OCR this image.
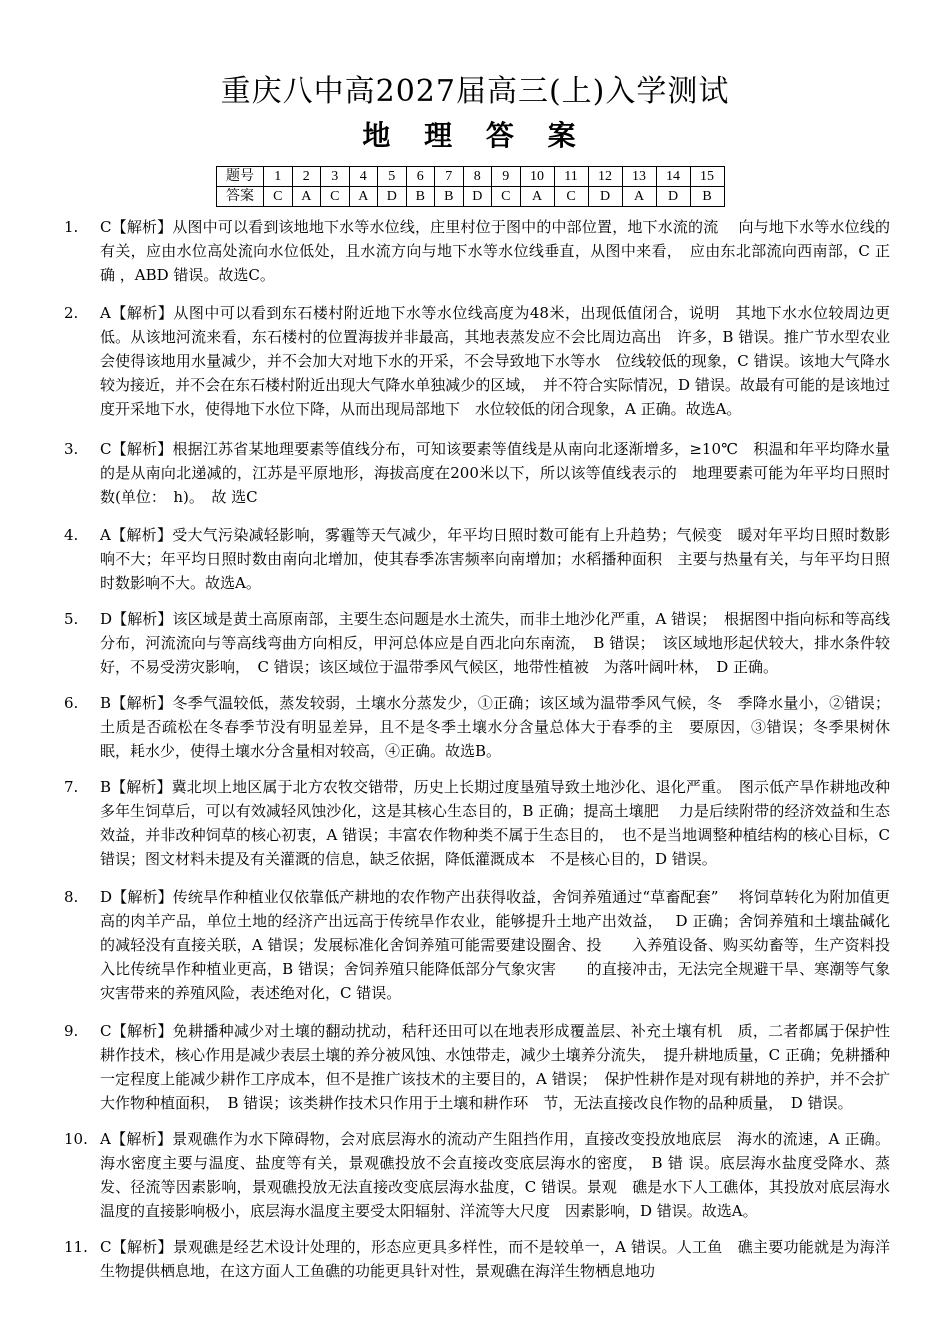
重庆八中高2027届高三(上)入学测试
地 理 答 案
题号	1	2	3	4	5	6	7	8	9	10	11	12	13	14	15
答案	C	A	C	A	D	B	B	D	C	A	C	D	A	D	B
1.	C【解析】从图中可以看到该地地下水等水位线，庄里村位于图中的中部位置，地下水流的流　 向与地下水等水位线的有关，应由水位高处流向水位低处，且水流方向与地下水等水位线垂直，从图中来看，　应由东北部流向西南部，C 正 确 ，ABD 错误。故选C。
2.	A【解析】从图中可以看到东石楼村附近地下水等水位线高度为48米，出现低值闭合，说明　其地下水水位较周边更低。从该地河流来看，东石楼村的位置海拔并非最高，其地表蒸发应不会比周边高出　许多，B 错误。推广节水型农业会使得该地用水量减少，并不会加大对地下水的开采，不会导致地下水等水　位线较低的现象，C 错误。该地大气降水较为接近，并不会在东石楼村附近出现大气降水单独减少的区域，　并不符合实际情况，D 错误。故最有可能的是该地过度开采地下水，使得地下水位下降，从而出现局部地下　水位较低的闭合现象，A 正确。故选A。
3.	C【解析】根据江苏省某地理要素等值线分布，可知该要素等值线是从南向北逐渐增多，≥10℃　积温和年平均降水量的是从南向北递减的，江苏是平原地形，海拔高度在200米以下，所以该等值线表示的　地理要素可能为年平均日照时数(单位：　h)。　故 选C
4.	A【解析】受大气污染减轻影响，雾霾等天气减少，年平均日照时数可能有上升趋势；气候变　暖对年平均日照时数影响不大；年平均日照时数由南向北增加，使其春季冻害频率向南增加；水稻播种面积　主要与热量有关，与年平均日照时数影响不大。故选A。
5.	D【解析】该区域是黄土高原南部，主要生态问题是水土流失，而非土地沙化严重，A 错误；　根据图中指向标和等高线分布，河流流向与等高线弯曲方向相反，甲河总体应是自西北向东南流，　B 错误；　该区域地形起伏较大，排水条件较好，不易受涝灾影响，　C 错误；该区域位于温带季风气候区，地带性植被　为落叶阔叶林，　D 正确。
6.	B【解析】冬季气温较低，蒸发较弱，土壤水分蒸发少，①正确；该区域为温带季风气候，冬　季降水量小，②错误；土质是否疏松在冬春季节没有明显差异，且不是冬季土壤水分含量总体大于春季的主　要原因，③错误；冬季果树休眠，耗水少，使得土壤水分含量相对较高，④正确。故选B。
7.	B【解析】冀北坝上地区属于北方农牧交错带，历史上长期过度垦殖导致土地沙化、退化严重。　图示低产旱作耕地改种多年生饲草后，可以有效减轻风蚀沙化，这是其核心生态目的，B 正确；提高土壤肥　 力是后续附带的经济效益和生态效益，并非改种饲草的核心初衷，A 错误；丰富农作物种类不属于生态目的，　也不是当地调整种植结构的核心目标，C 错误；图文材料未提及有关灌溉的信息，缺乏依据，降低灌溉成本　不是核心目的，D 错误。
8.	D【解析】传统旱作种植业仅依靠低产耕地的农作物产出获得收益，舍饲养殖通过“草畜配套”　 将饲草转化为附加值更高的肉羊产品，单位土地的经济产出远高于传统旱作农业，能够提升土地产出效益，　 D 正确；舍饲养殖和土壤盐碱化的减轻没有直接关联，A 错误；发展标准化舍饲养殖可能需要建设圈舍、投　　入养殖设备、购买幼畜等，生产资料投入比传统旱作种植业更高，B 错误；舍饲养殖只能降低部分气象灾害　　的直接冲击，无法完全规避干旱、寒潮等气象灾害带来的养殖风险，表述绝对化，C 错误。
9.	C【解析】免耕播种减少对土壤的翻动扰动，秸秆还田可以在地表形成覆盖层、补充土壤有机　质，二者都属于保护性耕作技术，核心作用是减少表层土壤的养分被风蚀、水蚀带走，减少土壤养分流失，　提升耕地质量，C 正确；免耕播种一定程度上能减少耕作工序成本，但不是推广该技术的主要目的，A 错误；　保护性耕作是对现有耕地的养护，并不会扩大作物种植面积，　B 错误；该类耕作技术只作用于土壤和耕作环　节，无法直接改良作物的品种质量，　D 错误。
10. A【解析】景观礁作为水下障碍物，会对底层海水的流动产生阻挡作用，直接改变投放地底层　海水的流速，A 正确。海水密度主要与温度、盐度等有关，景观礁投放不会直接改变底层海水的密度，　B 错 误。底层海水盐度受降水、蒸发、径流等因素影响，景观礁投放无法直接改变底层海水盐度，C 错误。景观　礁是水下人工礁体，其投放对底层海水温度的直接影响极小，底层海水温度主要受太阳辐射、洋流等大尺度　因素影响，D 错误。故选A。
11. C【解析】景观礁是经艺术设计处理的，形态应更具多样性，而不是较单一，A 错误。人工鱼　礁主要功能就是为海洋生物提供栖息地，在这方面人工鱼礁的功能更具针对性，景观礁在海洋生物栖息地功
